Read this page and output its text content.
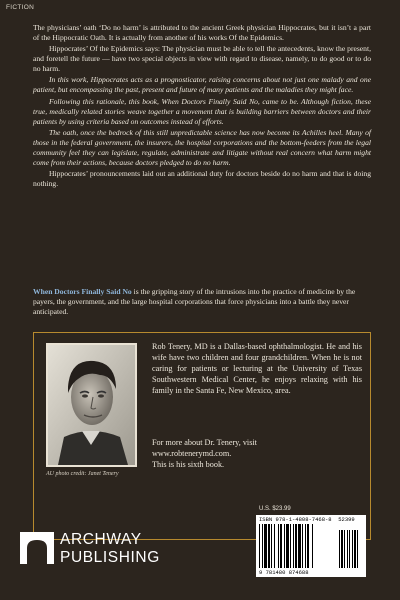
FICTION

The physicians’ oath ‘Do no harm’ is attributed to the ancient Greek physician Hippocrates, but it isn’t a part of the Hippocratic Oath. It is actually from another of his works Of the Epidemics.

Hippocrates’ Of the Epidemics says: The physician must be able to tell the antecedents, know the present, and foretell the future — have two special objects in view with regard to disease, namely, to do good or to do no harm.

In this work, Hippocrates acts as a prognosticator, raising concerns about not just one malady and one patient, but encompassing the past, present and future of many patients and the maladies they might face.

Following this rationale, this book, When Doctors Finally Said No, came to be. Although fiction, these true, medically related stories weave together a movement that is building barriers between doctors and their patients by using criteria based on outcomes instead of efforts.

The oath, once the bedrock of this still unpredictable science has now become its Achilles heel. Many of those in the federal government, the insurers, the hospital corporations and the bottom-feeders from the legal community feel they can legislate, regulate, administrate and litigate without real concern what harm might come from their actions, because doctors pledged to do no harm.

Hippocrates’ pronouncements laid out an additional duty for doctors beside do no harm and that is doing nothing.

When Doctors Finally Said No is the gripping story of the intrusions into the practice of medicine by the payers, the government, and the large hospital corporations that force physicians into a battle they never anticipated.
AU photo credit: Janet Tenery
Rob Tenery, MD is a Dallas-based ophthalmologist. He and his wife have two children and four grandchildren. When he is not caring for patients or lecturing at the University of Texas Southwestern Medical Center, he enjoys relaxing with his family in the Santa Fe, New Mexico, area.
For more about Dr. Tenery, visit
www.robtenerymd.com.
This is his sixth book.
ARCHWAY
PUBLISHING
U.S. $23.99
ISBN 978-1-4808-7468-8 52399
9 781480 874688
